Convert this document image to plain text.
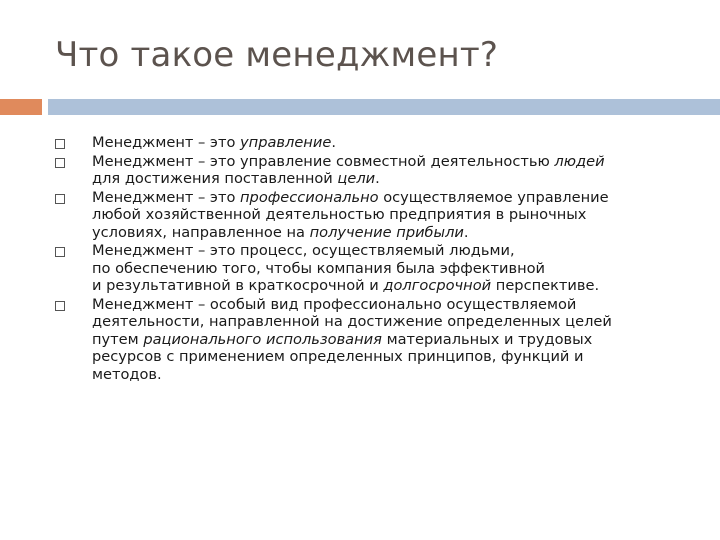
Что такое менеджмент?
Менеджмент – это управление.
Менеджмент – это управление совместной деятельностью людей
для достижения поставленной цели.
Менеджмент – это профессионально осуществляемое управление
любой хозяйственной деятельностью предприятия в рыночных
условиях, направленное на получение прибыли.
Менеджмент – это процесс, осуществляемый людьми,
по обеспечению того, чтобы компания была эффективной
и результативной в краткосрочной и долгосрочной перспективе.
Менеджмент – особый вид профессионально осуществляемой
деятельности, направленной на достижение определенных целей
путем рационального использования материальных и трудовых
ресурсов с применением определенных принципов, функций и
методов.
